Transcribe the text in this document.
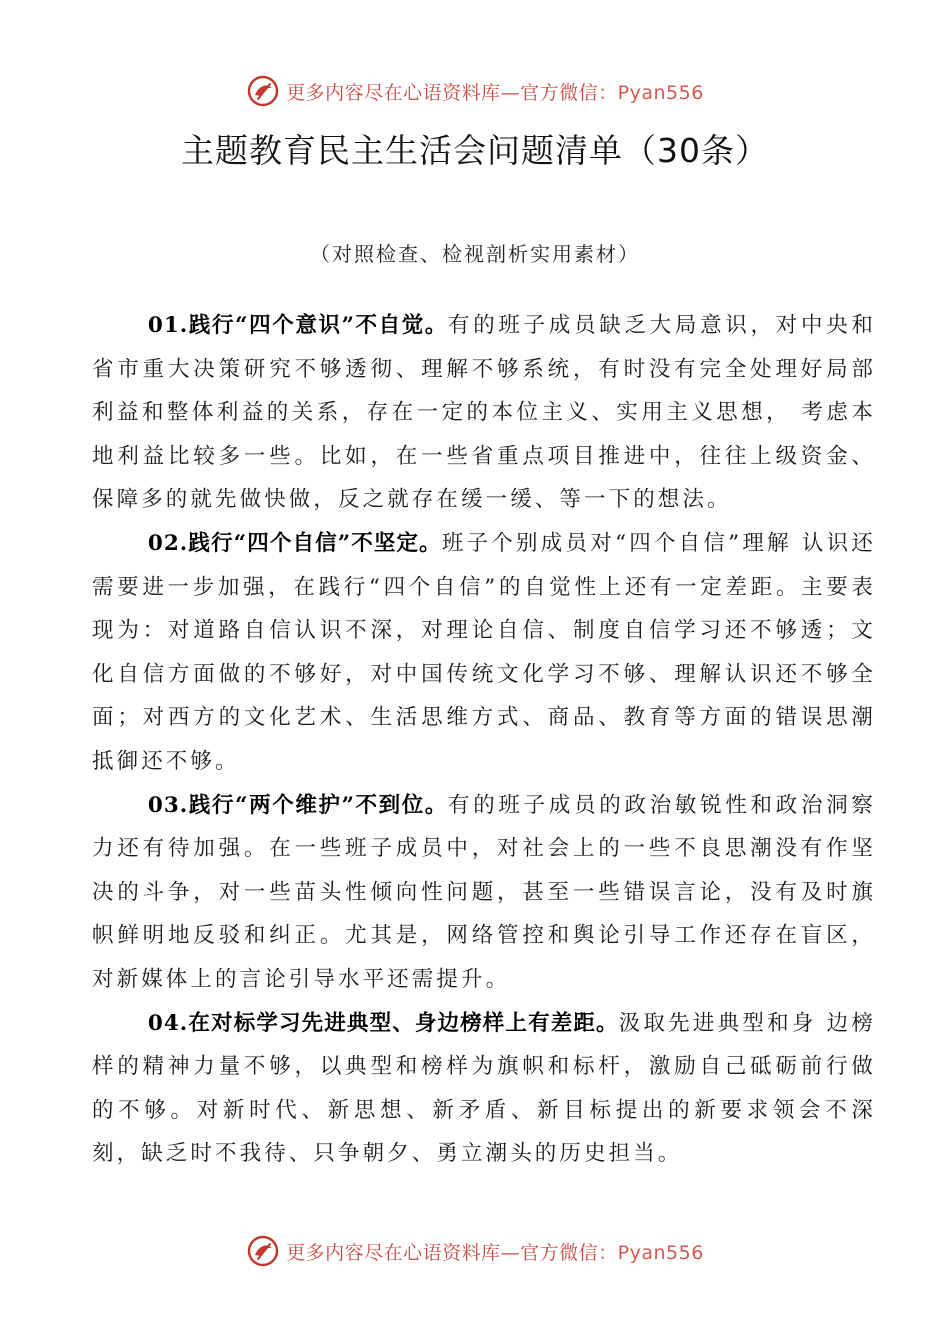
更多内容尽在心语资料库—官方微信：Pyan556
主题教育民主生活会问题清单（30条）
（对照检查、检视剖析实用素材）

01.践行“四个意识”不自觉。有的班子成员缺乏大局意识，对中央和省市重大决策研究不够透彻、理解不够系统，有时没有完全处理好局部利益和整体利益的关系，存在一定的本位主义、实用主义思想， 考虑本地利益比较多一些。比如，在一些省重点项目推进中，往往上级资金、保障多的就先做快做，反之就存在缓一缓、等一下的想法。

02.践行“四个自信”不坚定。班子个别成员对“四个自信”理解 认识还需要进一步加强，在践行“四个自信”的自觉性上还有一定差距。主要表现为：对道路自信认识不深，对理论自信、制度自信学习还不够透；文化自信方面做的不够好，对中国传统文化学习不够、理解认识还不够全面；对西方的文化艺术、生活思维方式、商品、教育等方面的错误思潮抵御还不够。

03.践行“两个维护”不到位。有的班子成员的政治敏锐性和政治洞察力还有待加强。在一些班子成员中，对社会上的一些不良思潮没有作坚决的斗争，对一些苗头性倾向性问题，甚至一些错误言论，没有及时旗帜鲜明地反驳和纠正。尤其是，网络管控和舆论引导工作还存在盲区，对新媒体上的言论引导水平还需提升。

04.在对标学习先进典型、身边榜样上有差距。汲取先进典型和身 边榜样的精神力量不够，以典型和榜样为旗帜和标杆，激励自己砥砺前行做的不够。对新时代、新思想、新矛盾、新目标提出的新要求领会不深刻，缺乏时不我待、只争朝夕、勇立潮头的历史担当。

更多内容尽在心语资料库—官方微信：Pyan556
